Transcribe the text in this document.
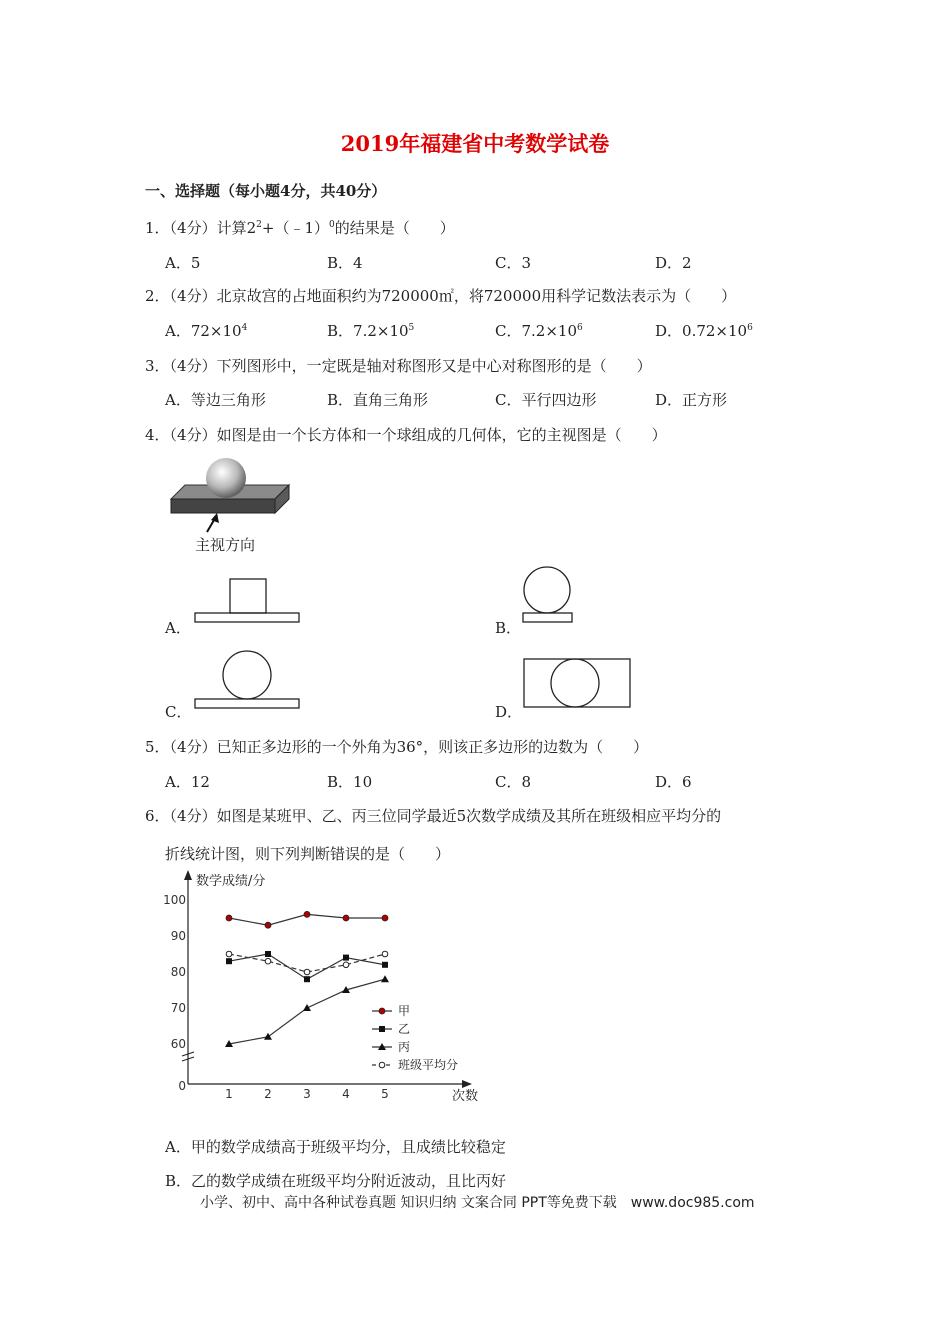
2019年福建省中考数学试卷
一、选择题（每小题4分，共40分）
1．（4分）计算$2^2+(﹣1)^0$的结果是（　　）
A．5	B．4	C．3	D．2
2．（4分）北京故宫的占地面积约为720000㎡，将720000用科学记数法表示为（　　）
A．$72\times 10^4$	B．$7.2\times 10^5$	C．$7.2\times 10^6$	D．$0.72\times 10^6$
3．（4分）下列图形中，一定既是轴对称图形又是中心对称图形的是（　　）
A．等边三角形	B．直角三角形	C．平行四边形	D．正方形
4．（4分）如图是由一个长方体和一个球组成的几何体，它的主视图是（　　）
主视方向
A．	B．
C．	D．
5．（4分）已知正多边形的一个外角为36°，则该正多边形的边数为（　　）
A．12	B．10	C．8	D．6
6．（4分）如图是某班甲、乙、丙三位同学最近5次数学成绩及其所在班级相应平均分的
折线统计图，则下列判断错误的是（　　）
数学成绩/分
次数
0
60
70
80
90
100
1	2	3	4	5
甲
乙
丙
班级平均分
A．甲的数学成绩高于班级平均分，且成绩比较稳定
B．乙的数学成绩在班级平均分附近波动，且比丙好
小学、初中、高中各种试卷真题 知识归纳 文案合同 PPT等免费下载　www.doc985.com
